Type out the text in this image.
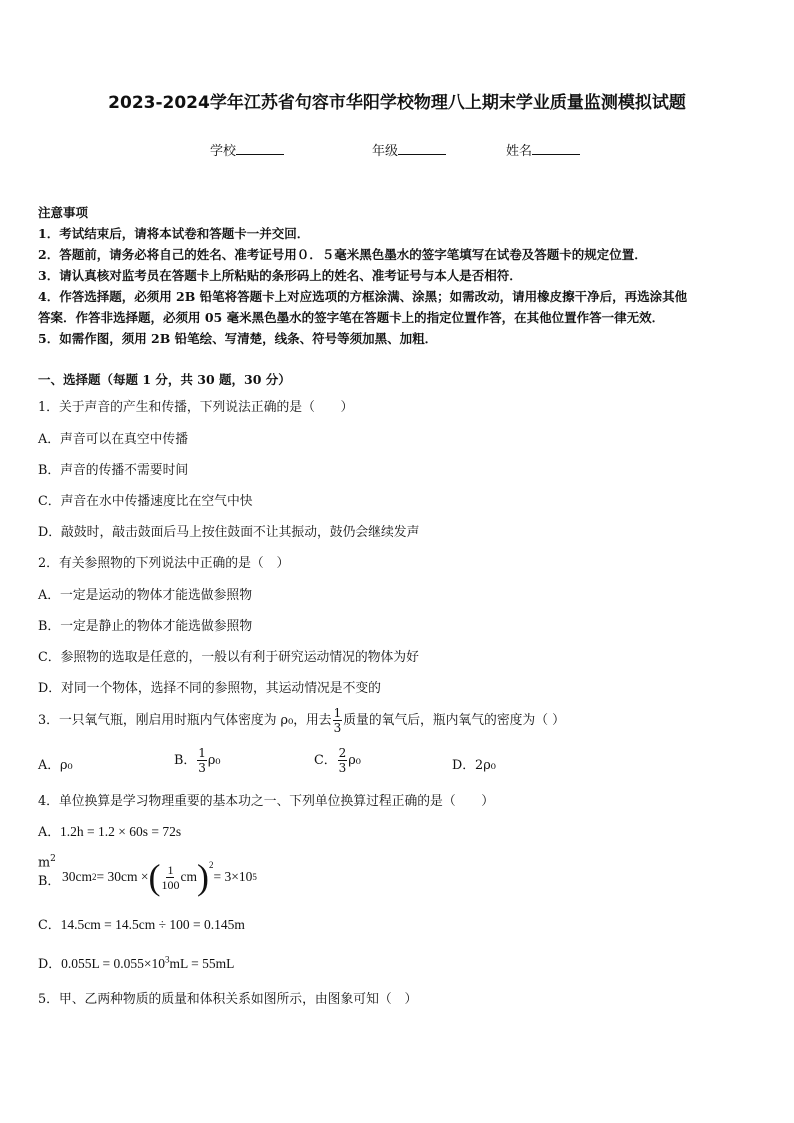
2023-2024学年江苏省句容市华阳学校物理八上期末学业质量监测模拟试题
学校	年级	姓名
注意事项
1．考试结束后，请将本试卷和答题卡一并交回．
2．答题前，请务必将自己的姓名、准考证号用０．５毫米黑色墨水的签字笔填写在试卷及答题卡的规定位置．
3．请认真核对监考员在答题卡上所粘贴的条形码上的姓名、准考证号与本人是否相符．
4．作答选择题，必须用 2B 铅笔将答题卡上对应选项的方框涂满、涂黑；如需改动，请用橡皮擦干净后，再选涂其他
答案．作答非选择题，必须用 05 毫米黑色墨水的签字笔在答题卡上的指定位置作答，在其他位置作答一律无效．
5．如需作图，须用 2B 铅笔绘、写清楚，线条、符号等须加黑、加粗．
一、选择题（每题 1 分，共 30 题，30 分）
1．关于声音的产生和传播，下列说法正确的是（　　）
A．声音可以在真空中传播
B．声音的传播不需要时间
C．声音在水中传播速度比在空气中快
D．敲鼓时，敲击鼓面后马上按住鼓面不让其振动，鼓仍会继续发声
2．有关参照物的下列说法中正确的是（　）
A．一定是运动的物体才能选做参照物
B．一定是静止的物体才能选做参照物
C．参照物的选取是任意的，一般以有利于研究运动情况的物体为好
D．对同一个物体，选择不同的参照物，其运动情况是不变的
3．一只氧气瓶，刚启用时瓶内气体密度为 ρ₀，用去 $\frac{1}{3}$ 质量的氧气后，瓶内氧气的密度为（ ）
A．ρ₀	B． $\frac{1}{3} \rho_0$	C． $\frac{2}{3} \rho_0$	D．2ρ₀
4．单位换算是学习物理重要的基本功之一、下列单位换算过程正确的是（　　）
A．1.2h = 1.2 × 60s = 72s
B． 30cm 2 = 30cm × ( $\frac{1}{100}$ cm )$^2$
= 3×10 5
$m^2$
C．14.5cm = 14.5cm ÷ 100 = 0.145m
D．$0.055L = 0.055\times 10^3mL = 55mL$
5．甲、乙两种物质的质量和体积关系如图所示，由图象可知（　）
